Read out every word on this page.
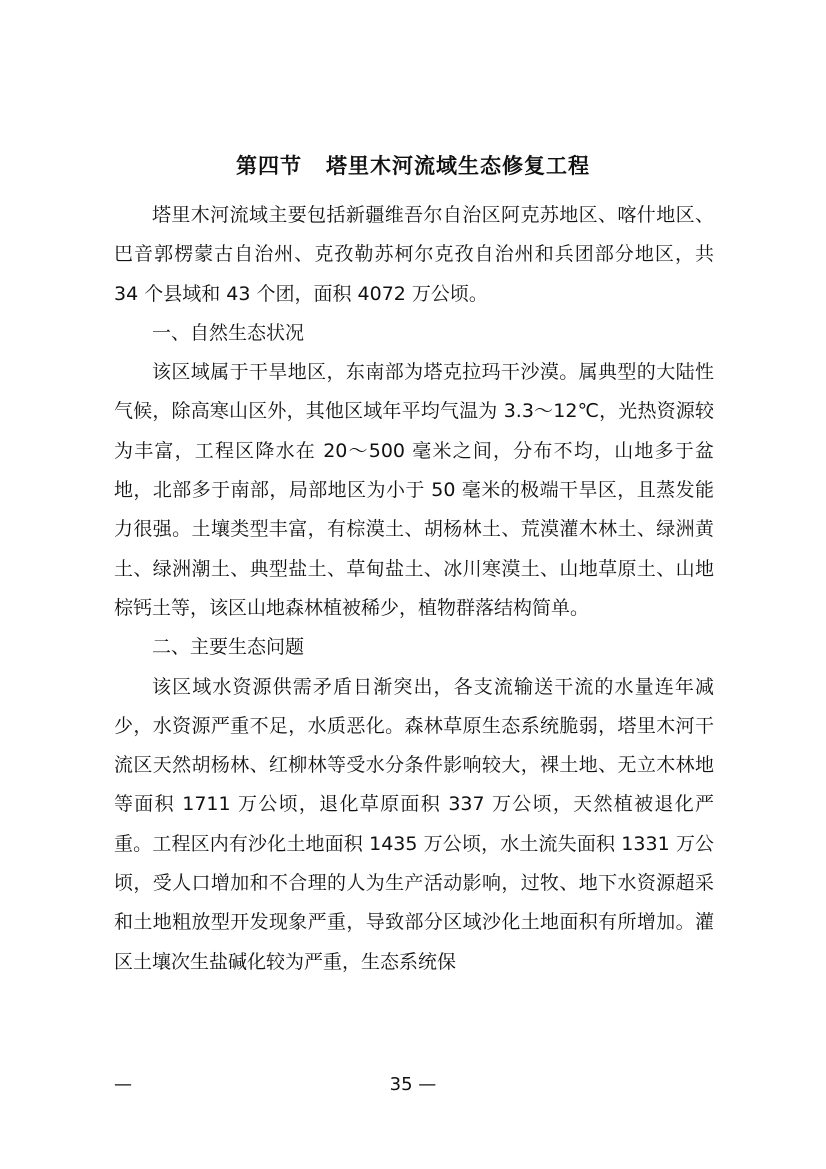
第四节 塔里木河流域生态修复工程

塔里木河流域主要包括新疆维吾尔自治区阿克苏地区、喀什地区、巴音郭楞蒙古自治州、克孜勒苏柯尔克孜自治州和兵团部分地区，共 34 个县域和 43 个团，面积 4072 万公顷。

一、自然生态状况

该区域属于干旱地区，东南部为塔克拉玛干沙漠。属典型的大陆性气候，除高寒山区外，其他区域年平均气温为 3.3～12℃，光热资源较为丰富，工程区降水在 20～500 毫米之间，分布不均，山地多于盆地，北部多于南部，局部地区为小于 50 毫米的极端干旱区，且蒸发能力很强。土壤类型丰富，有棕漠土、胡杨林土、荒漠灌木林土、绿洲黄土、绿洲潮土、典型盐土、草甸盐土、冰川寒漠土、山地草原土、山地棕钙土等，该区山地森林植被稀少，植物群落结构简单。

二、主要生态问题

该区域水资源供需矛盾日渐突出，各支流输送干流的水量连年减少，水资源严重不足，水质恶化。森林草原生态系统脆弱，塔里木河干流区天然胡杨林、红柳林等受水分条件影响较大，裸土地、无立木林地等面积 1711 万公顷，退化草原面积 337 万公顷，天然植被退化严重。工程区内有沙化土地面积 1435 万公顷，水土流失面积 1331 万公顷，受人口增加和不合理的人为生产活动影响，过牧、地下水资源超采和土地粗放型开发现象严重，导致部分区域沙化土地面积有所增加。灌区土壤次生盐碱化较为严重，生态系统保

—	35 —
